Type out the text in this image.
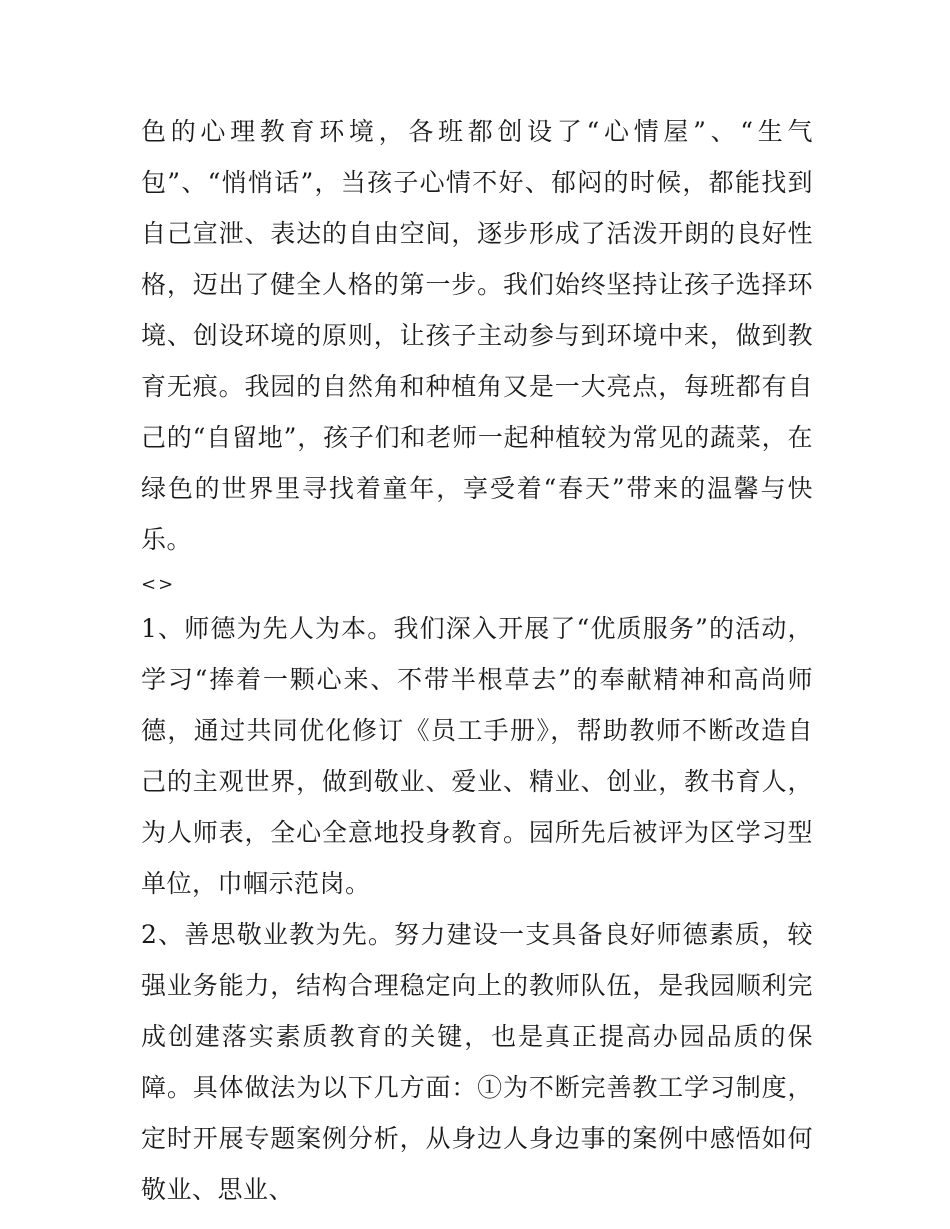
色的心理教育环境，各班都创设了“心情屋”、“生气包”、“悄悄话”，当孩子心情不好、郁闷的时候，都能找到自己宣泄、表达的自由空间，逐步形成了活泼开朗的良好性格，迈出了健全人格的第一步。我们始终坚持让孩子选择环境、创设环境的原则，让孩子主动参与到环境中来，做到教育无痕。我园的自然角和种植角又是一大亮点，每班都有自己的“自留地”，孩子们和老师一起种植较为常见的蔬菜，在绿色的世界里寻找着童年，享受着“春天”带来的温馨与快乐。

<>

1、师德为先人为本。我们深入开展了“优质服务”的活动，学习“捧着一颗心来、不带半根草去”的奉献精神和高尚师德，通过共同优化修订《员工手册》，帮助教师不断改造自己的主观世界，做到敬业、爱业、精业、创业，教书育人，为人师表，全心全意地投身教育。园所先后被评为区学习型单位，巾帼示范岗。

2、善思敬业教为先。努力建设一支具备良好师德素质，较强业务能力，结构合理稳定向上的教师队伍，是我园顺利完成创建落实素质教育的关键，也是真正提高办园品质的保障。具体做法为以下几方面：①为不断完善教工学习制度，定时开展专题案例分析，从身边人身边事的案例中感悟如何敬业、思业、
